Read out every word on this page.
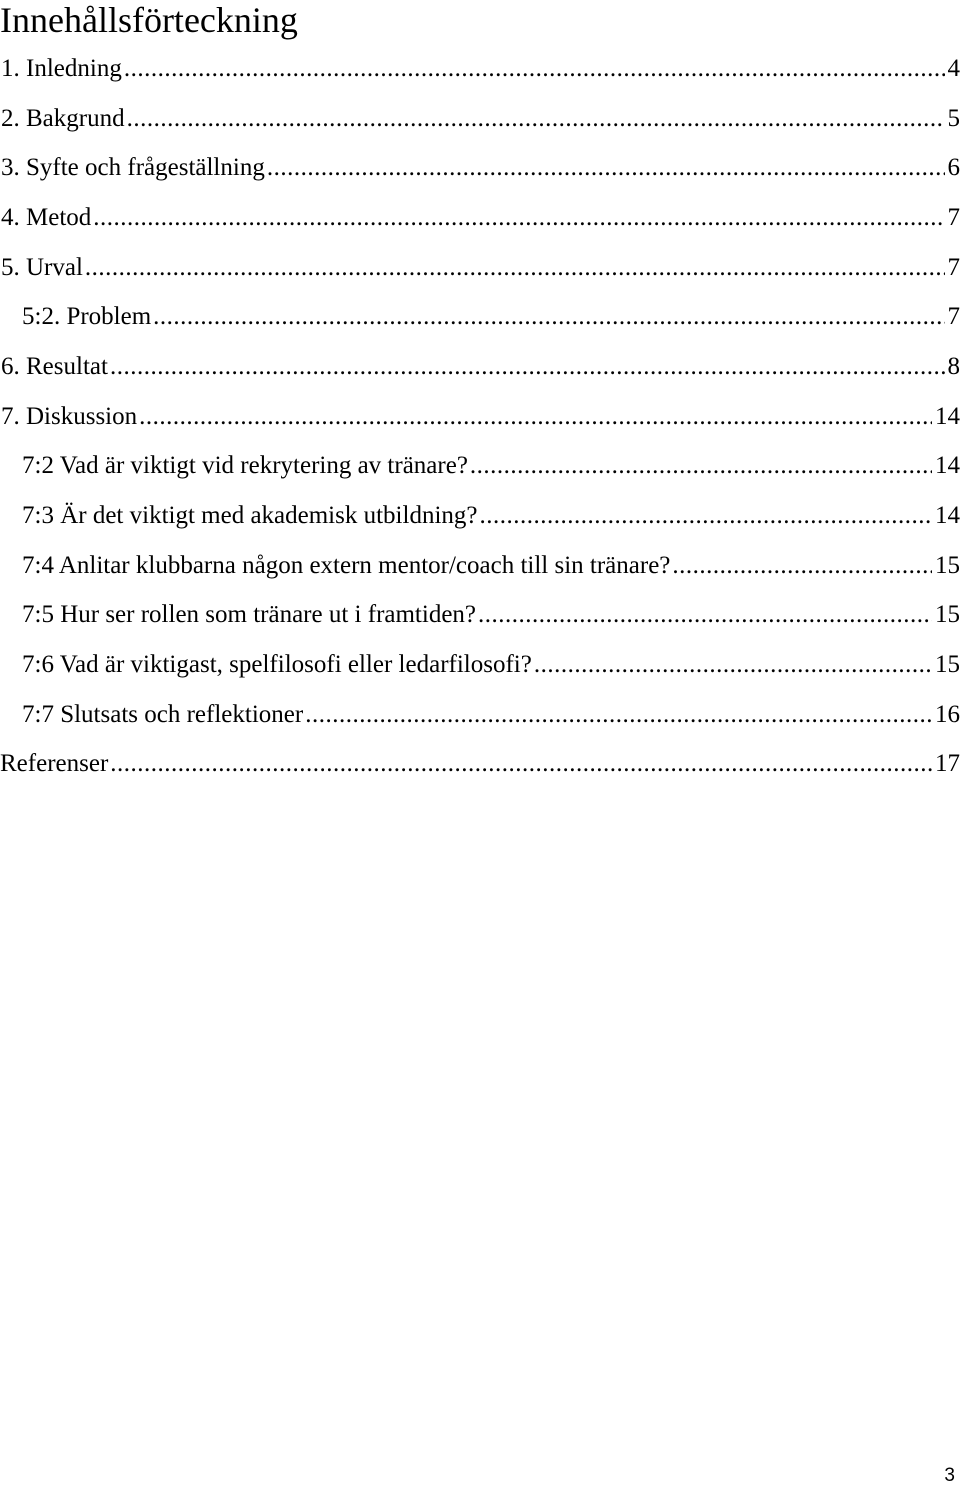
Innehållsförteckning
1. Inledning .....	4
2. Bakgrund .....	5
3. Syfte och frågeställning .....	6
4. Metod .....	7
5. Urval .....	7
5:2. Problem .....	7
6. Resultat .....	8
7. Diskussion .....	14
7:2 Vad är viktigt vid rekrytering av tränare? .....	14
7:3 Är det viktigt med akademisk utbildning? .....	14
7:4 Anlitar klubbarna någon extern mentor/coach till sin tränare? .....	15
7:5 Hur ser rollen som tränare ut i framtiden? .....	15
7:6 Vad är viktigast, spelfilosofi eller ledarfilosofi? .....	15
7:7 Slutsats och reflektioner .....	16
Referenser .....	17
3
